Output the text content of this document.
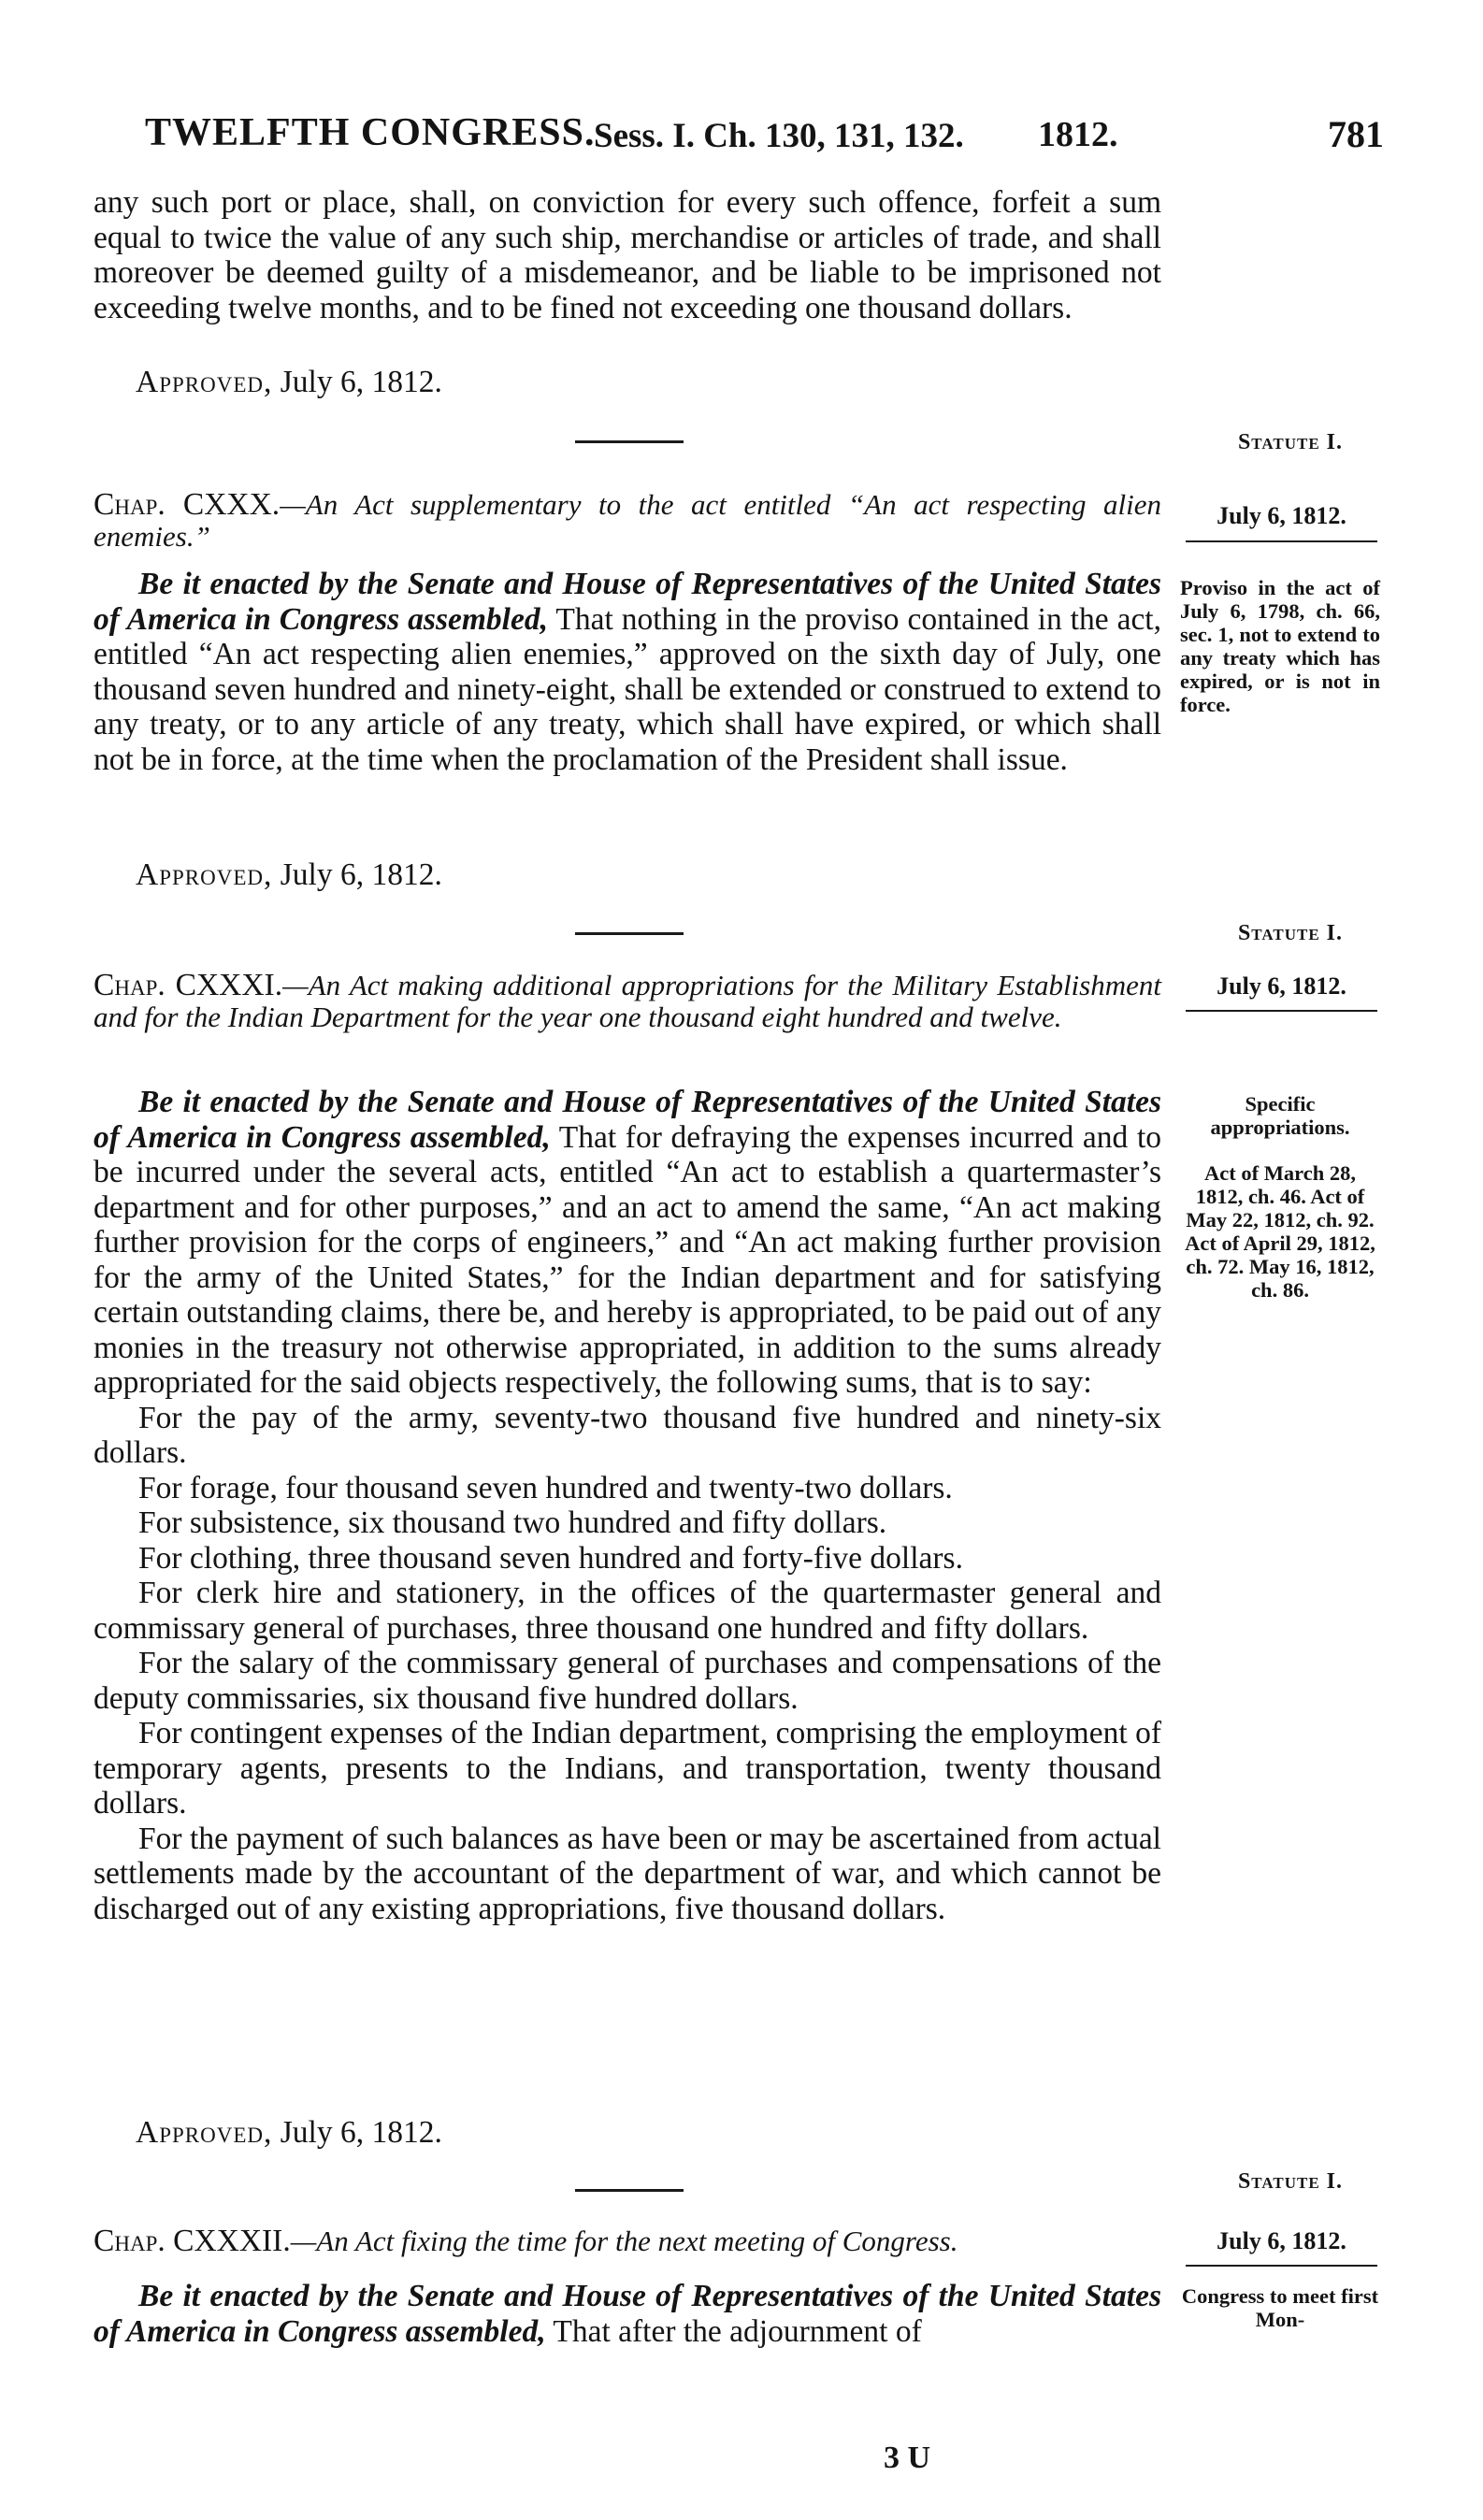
TWELFTH CONGRESS.
Sess. I. Ch. 130, 131, 132. 1812.	781

any such port or place, shall, on conviction for every such offence, forfeit a sum equal to twice the value of any such ship, merchandise or articles of trade, and shall moreover be deemed guilty of a misdemeanor, and be liable to be imprisoned not exceeding twelve months, and to be fined not exceeding one thousand dollars.

Approved, July 6, 1812.
Statute I.
July 6, 1812.
Chap. CXXX.—An Act supplementary to the act entitled “An act respecting alien enemies.”

Be it enacted by the Senate and House of Representatives of the United States of America in Congress assembled, That nothing in the proviso contained in the act, entitled “An act respecting alien enemies,” approved on the sixth day of July, one thousand seven hundred and ninety-eight, shall be extended or construed to extend to any treaty, or to any article of any treaty, which shall have expired, or which shall not be in force, at the time when the proclamation of the President shall issue.

Approved, July 6, 1812.
Proviso in the act of July 6, 1798, ch. 66, sec. 1, not to extend to any treaty which has expired, or is not in force.
Statute I.
July 6, 1812.
Chap. CXXXI.—An Act making additional appropriations for the Military Establishment and for the Indian Department for the year one thousand eight hundred and twelve.

Be it enacted by the Senate and House of Representatives of the United States of America in Congress assembled, That for defraying the expenses incurred and to be incurred under the several acts, entitled “An act to establish a quartermaster’s department and for other purposes,” and an act to amend the same, “An act making further provision for the corps of engineers,” and “An act making further provision for the army of the United States,” for the Indian department and for satisfying certain outstanding claims, there be, and hereby is appropriated, to be paid out of any monies in the treasury not otherwise appropriated, in addition to the sums already appropriated for the said objects respectively, the following sums, that is to say:

For the pay of the army, seventy-two thousand five hundred and ninety-six dollars.

For forage, four thousand seven hundred and twenty-two dollars.

For subsistence, six thousand two hundred and fifty dollars.

For clothing, three thousand seven hundred and forty-five dollars.

For clerk hire and stationery, in the offices of the quartermaster general and commissary general of purchases, three thousand one hundred and fifty dollars.

For the salary of the commissary general of purchases and compensations of the deputy commissaries, six thousand five hundred dollars.

For contingent expenses of the Indian department, comprising the employment of temporary agents, presents to the Indians, and transportation, twenty thousand dollars.

For the payment of such balances as have been or may be ascertained from actual settlements made by the accountant of the department of war, and which cannot be discharged out of any existing appropriations, five thousand dollars.

Approved, July 6, 1812.
Specific appropriations.
Act of March 28, 1812, ch. 46. Act of May 22, 1812, ch. 92. Act of April 29, 1812, ch. 72. May 16, 1812, ch. 86.
Statute I.
July 6, 1812.
Chap. CXXXII.—An Act fixing the time for the next meeting of Congress.

Be it enacted by the Senate and House of Representatives of the United States of America in Congress assembled, That after the adjournment of

Congress to meet first Mon-
3 U
